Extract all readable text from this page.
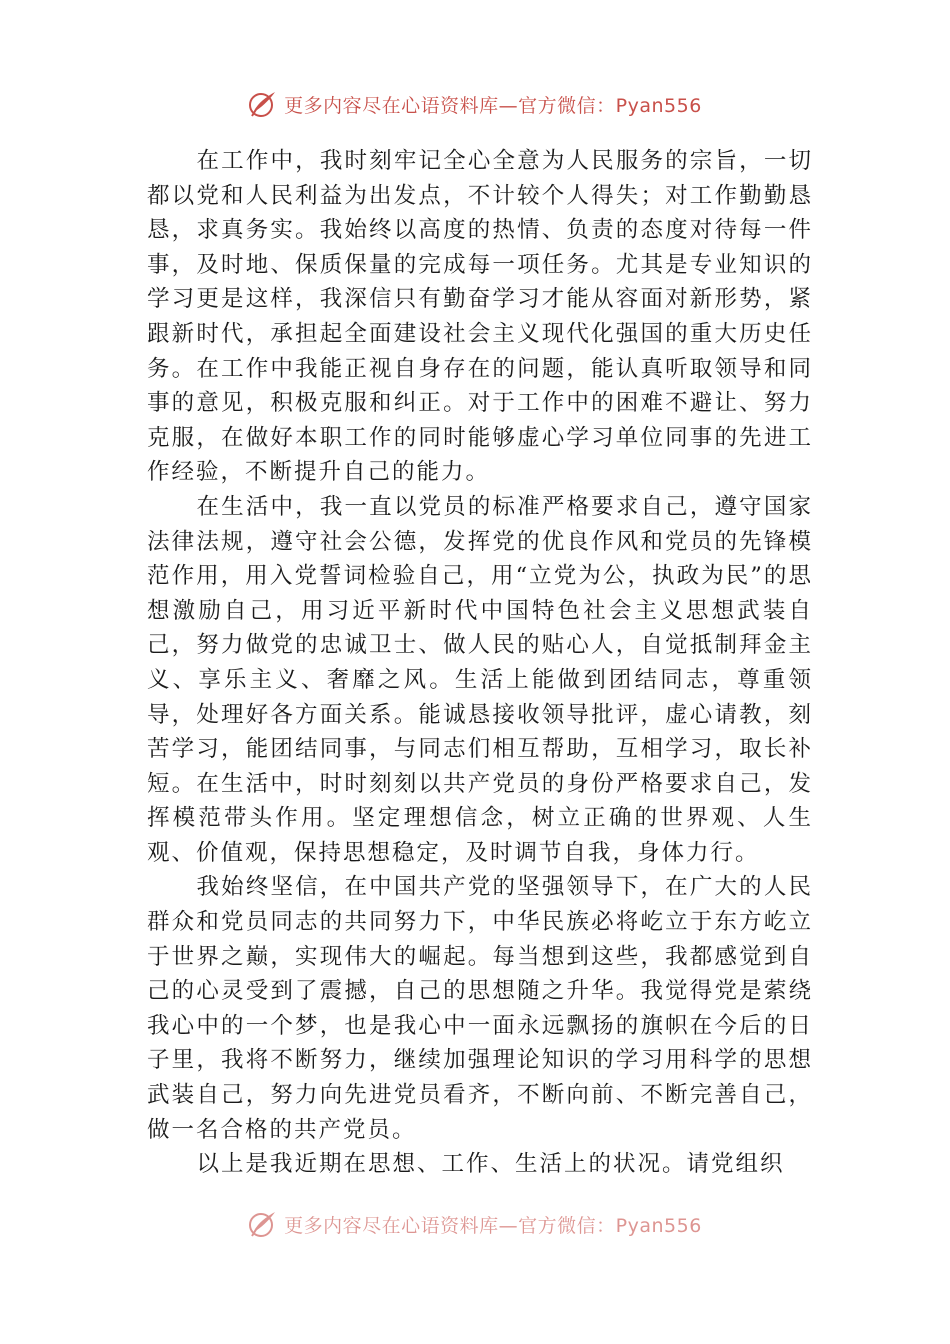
更多内容尽在心语资料库—官方微信：Pyan556

在工作中，我时刻牢记全心全意为人民服务的宗旨，一切都以党和人民利益为出发点，不计较个人得失；对工作勤勤恳恳，求真务实。我始终以高度的热情、负责的态度对待每一件事，及时地、保质保量的完成每一项任务。尤其是专业知识的学习更是这样，我深信只有勤奋学习才能从容面对新形势，紧跟新时代，承担起全面建设社会主义现代化强国的重大历史任务。在工作中我能正视自身存在的问题，能认真听取领导和同事的意见，积极克服和纠正。对于工作中的困难不避让、努力克服，在做好本职工作的同时能够虚心学习单位同事的先进工作经验，不断提升自己的能力。

在生活中，我一直以党员的标准严格要求自己，遵守国家法律法规，遵守社会公德，发挥党的优良作风和党员的先锋模范作用，用入党誓词检验自己，用“立党为公，执政为民”的思想激励自己，用习近平新时代中国特色社会主义思想武装自己，努力做党的忠诚卫士、做人民的贴心人，自觉抵制拜金主义、享乐主义、奢靡之风。生活上能做到团结同志，尊重领导，处理好各方面关系。能诚恳接收领导批评，虚心请教，刻苦学习，能团结同事，与同志们相互帮助，互相学习，取长补短。在生活中，时时刻刻以共产党员的身份严格要求自己，发挥模范带头作用。坚定理想信念，树立正确的世界观、人生观、价值观，保持思想稳定，及时调节自我，身体力行。

我始终坚信，在中国共产党的坚强领导下，在广大的人民群众和党员同志的共同努力下，中华民族必将屹立于东方屹立于世界之巅，实现伟大的崛起。每当想到这些，我都感觉到自己的心灵受到了震撼，自己的思想随之升华。我觉得党是萦绕我心中的一个梦，也是我心中一面永远飘扬的旗帜在今后的日子里，我将不断努力，继续加强理论知识的学习用科学的思想武装自己，努力向先进党员看齐，不断向前、不断完善自己，做一名合格的共产党员。

以上是我近期在思想、工作、生活上的状况。请党组织

更多内容尽在心语资料库—官方微信：Pyan556
